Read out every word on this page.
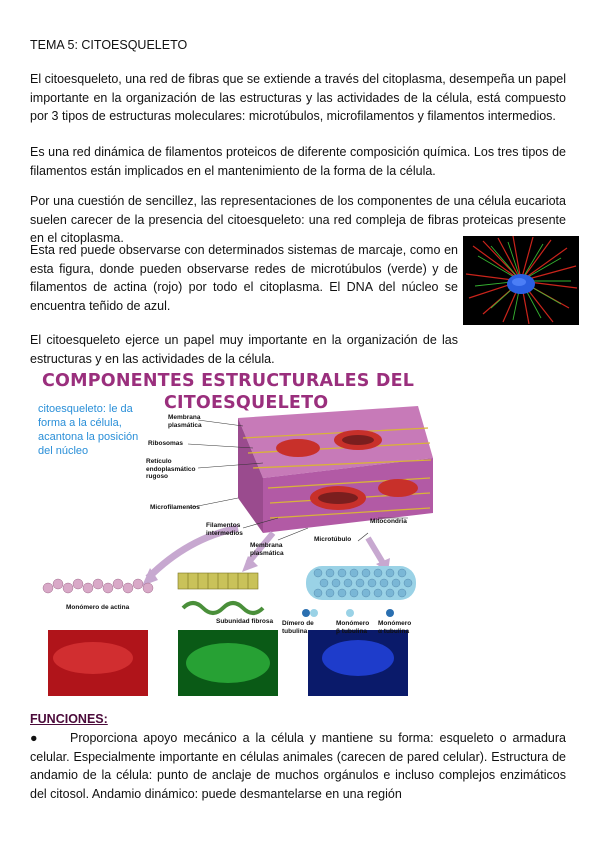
TEMA 5: CITOESQUELETO

El citoesqueleto, una red de fibras que se extiende a través del citoplasma, desempeña un papel importante en la organización de las estructuras y las actividades de la célula, está compuesto por 3 tipos de estructuras moleculares: microtúbulos, microfilamentos y filamentos intermedios.

Es una red dinámica de filamentos proteicos de diferente composición química. Los tres tipos de filamentos están implicados en el mantenimiento de la forma de la célula.

Por una cuestión de sencillez, las representaciones de los componentes de una célula eucariota suelen carecer de la presencia del citoesqueleto: una red compleja de fibras proteicas presente en el citoplasma.

Esta red puede observarse con determinados sistemas de marcaje, como en esta figura, donde pueden observarse redes de microtúbulos (verde) y de filamentos de actina (rojo) por todo el citoplasma. El DNA del núcleo se encuentra teñido de azul.

El citoesqueleto ejerce un papel muy importante en la organización de las estructuras y en las actividades de la célula.

COMPONENTES ESTRUCTURALES DEL
CITOESQUELETO
citoesqueleto: le da forma a la célula, acantona la posición del núcleo
Membrana plasmática
Ribosomas
Retículo endoplasmático rugoso
Microfilamentos
Filamentos intermedios
Membrana plasmática
Mitocondria
Microtúbulo
Monómero de actina
Subunidad fibrosa Dímero de tubulina
Monómero β tubulina
Monómero α tubulina
FUNCIONES:

●	Proporciona apoyo mecánico a la célula y mantiene su forma: esqueleto o armadura celular. Especialmente importante en células animales (carecen de pared celular). Estructura de andamio de la célula: punto de anclaje de muchos orgánulos e incluso complejos enzimáticos del citosol. Andamio dinámico: puede desmantelarse en una región
